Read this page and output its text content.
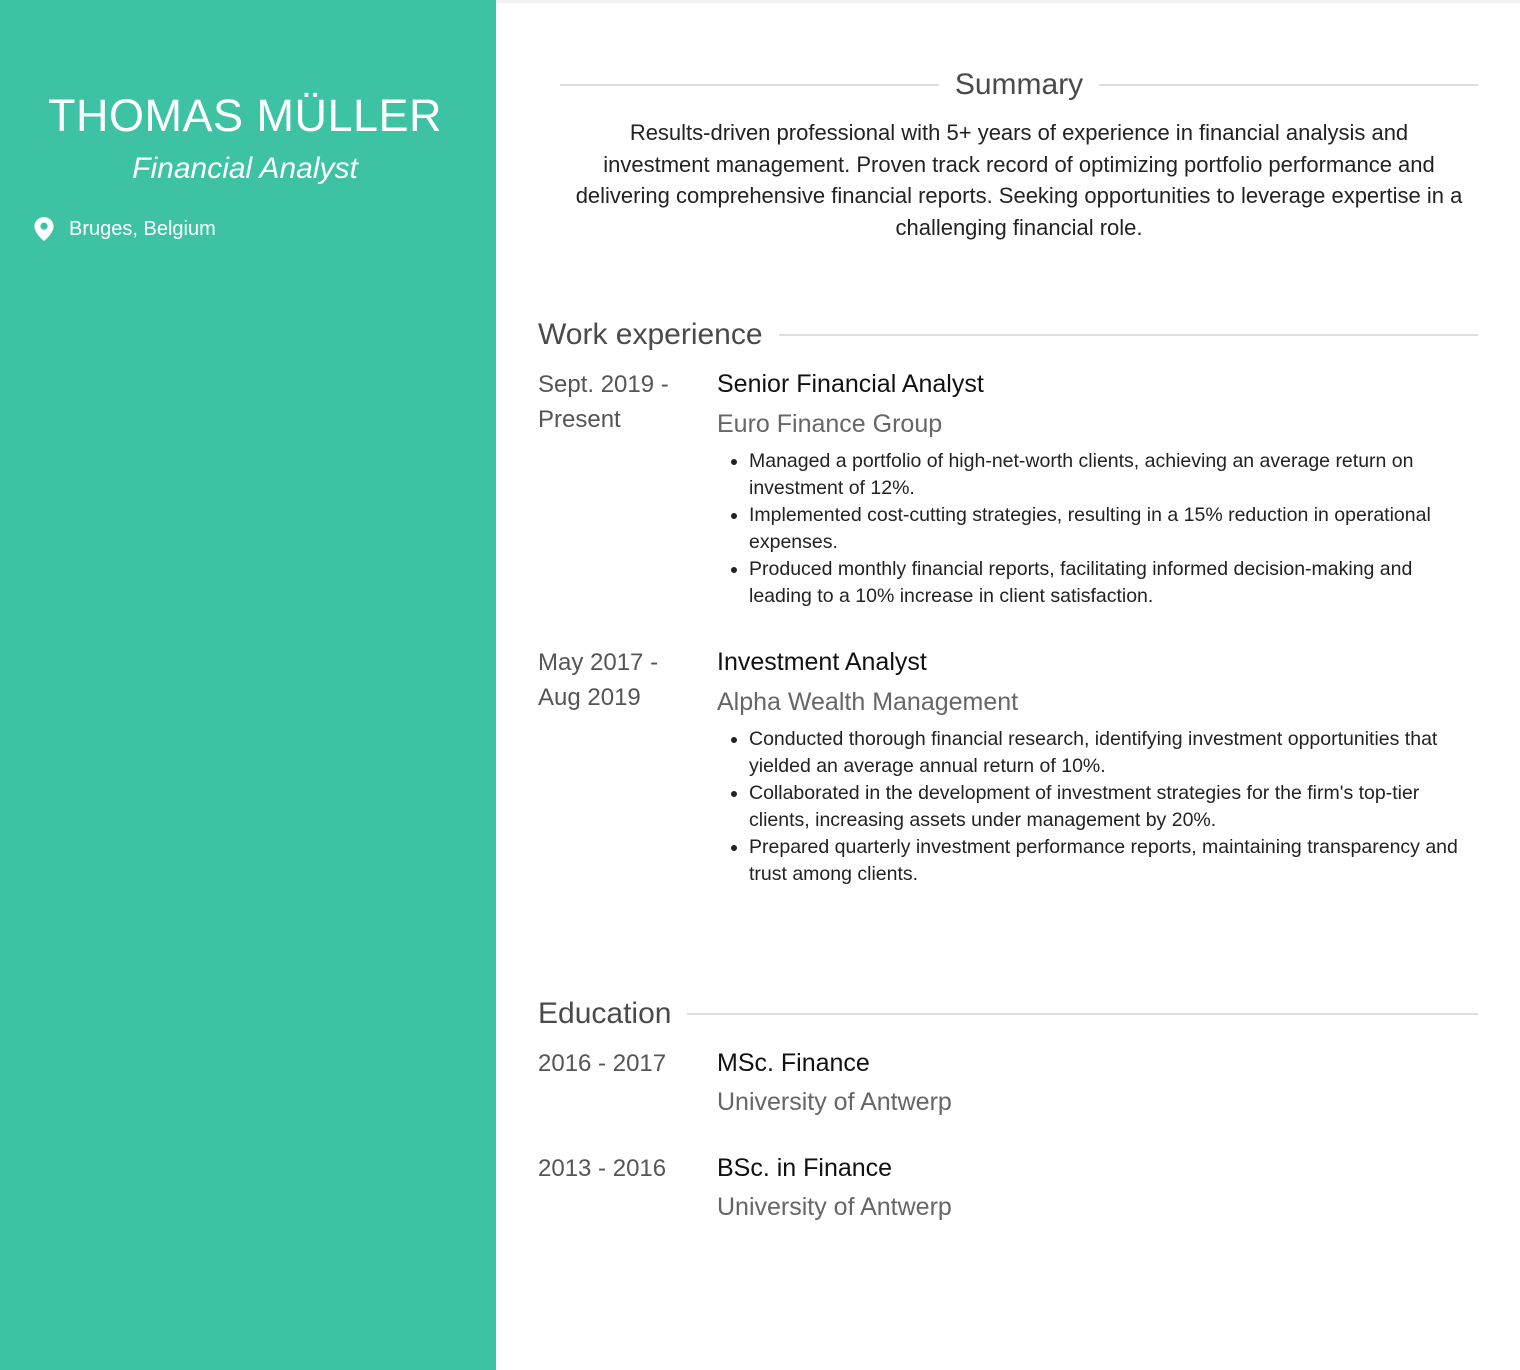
THOMAS MÜLLER
Financial Analyst
Bruges, Belgium
Summary
Results-driven professional with 5+ years of experience in financial analysis and investment management. Proven track record of optimizing portfolio performance and delivering comprehensive financial reports. Seeking opportunities to leverage expertise in a challenging financial role.
Work experience
Sept. 2019 -
Present
Senior Financial Analyst
Euro Finance Group
• Managed a portfolio of high-net-worth clients, achieving an average return on investment of 12%.
• Implemented cost-cutting strategies, resulting in a 15% reduction in operational expenses.
• Produced monthly financial reports, facilitating informed decision-making and leading to a 10% increase in client satisfaction.
May 2017 -
Aug 2019
Investment Analyst
Alpha Wealth Management
• Conducted thorough financial research, identifying investment opportunities that yielded an average annual return of 10%.
• Collaborated in the development of investment strategies for the firm's top-tier clients, increasing assets under management by 20%.
• Prepared quarterly investment performance reports, maintaining transparency and trust among clients.
Education
2016 - 2017	MSc. Finance
University of Antwerp
2013 - 2016	BSc. in Finance
University of Antwerp
